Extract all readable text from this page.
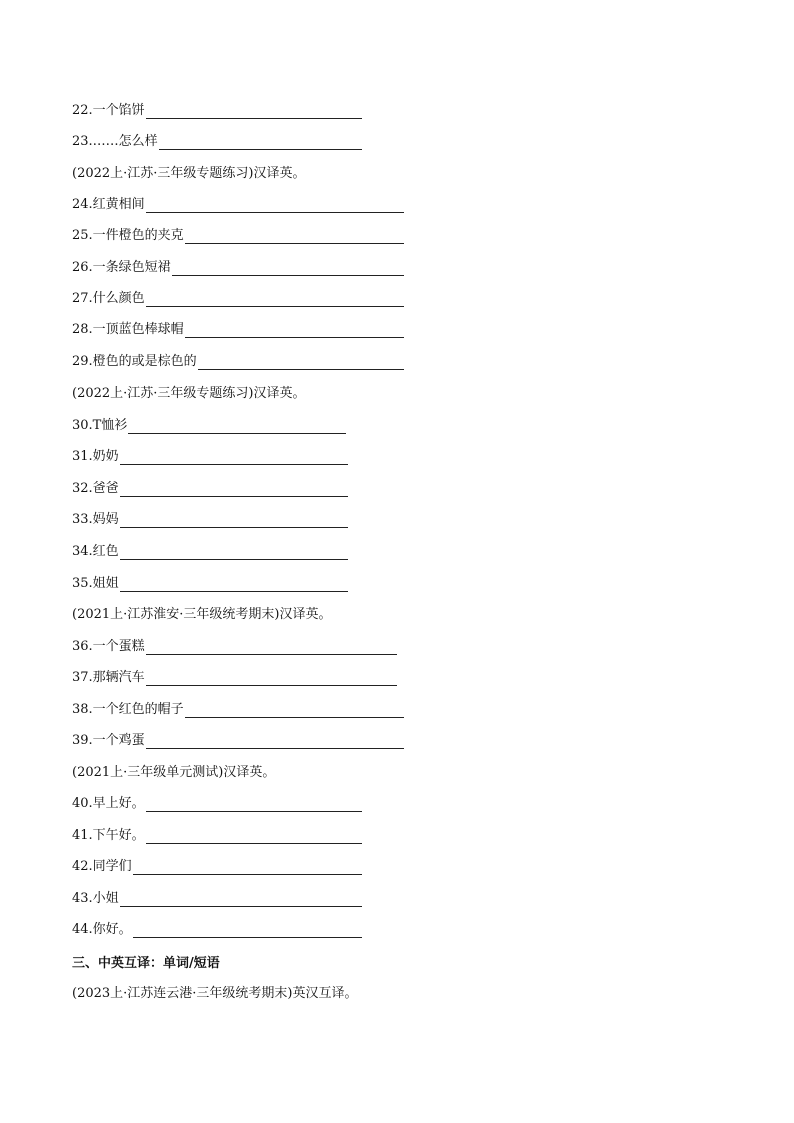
22.一个馅饼
23.……怎么样
(2022上·江苏·三年级专题练习)汉译英。
24.红黄相间
25.一件橙色的夹克
26.一条绿色短裙
27.什么颜色
28.一顶蓝色棒球帽
29.橙色的或是棕色的
(2022上·江苏·三年级专题练习)汉译英。
30.T恤衫
31.奶奶
32.爸爸
33.妈妈
34.红色
35.姐姐
(2021上·江苏淮安·三年级统考期末)汉译英。
36.一个蛋糕
37.那辆汽车
38.一个红色的帽子
39.一个鸡蛋
(2021上·三年级单元测试)汉译英。
40.早上好。
41.下午好。
42.同学们
43.小姐
44.你好。
三、中英互译：单词/短语
(2023上·江苏连云港·三年级统考期末)英汉互译。
